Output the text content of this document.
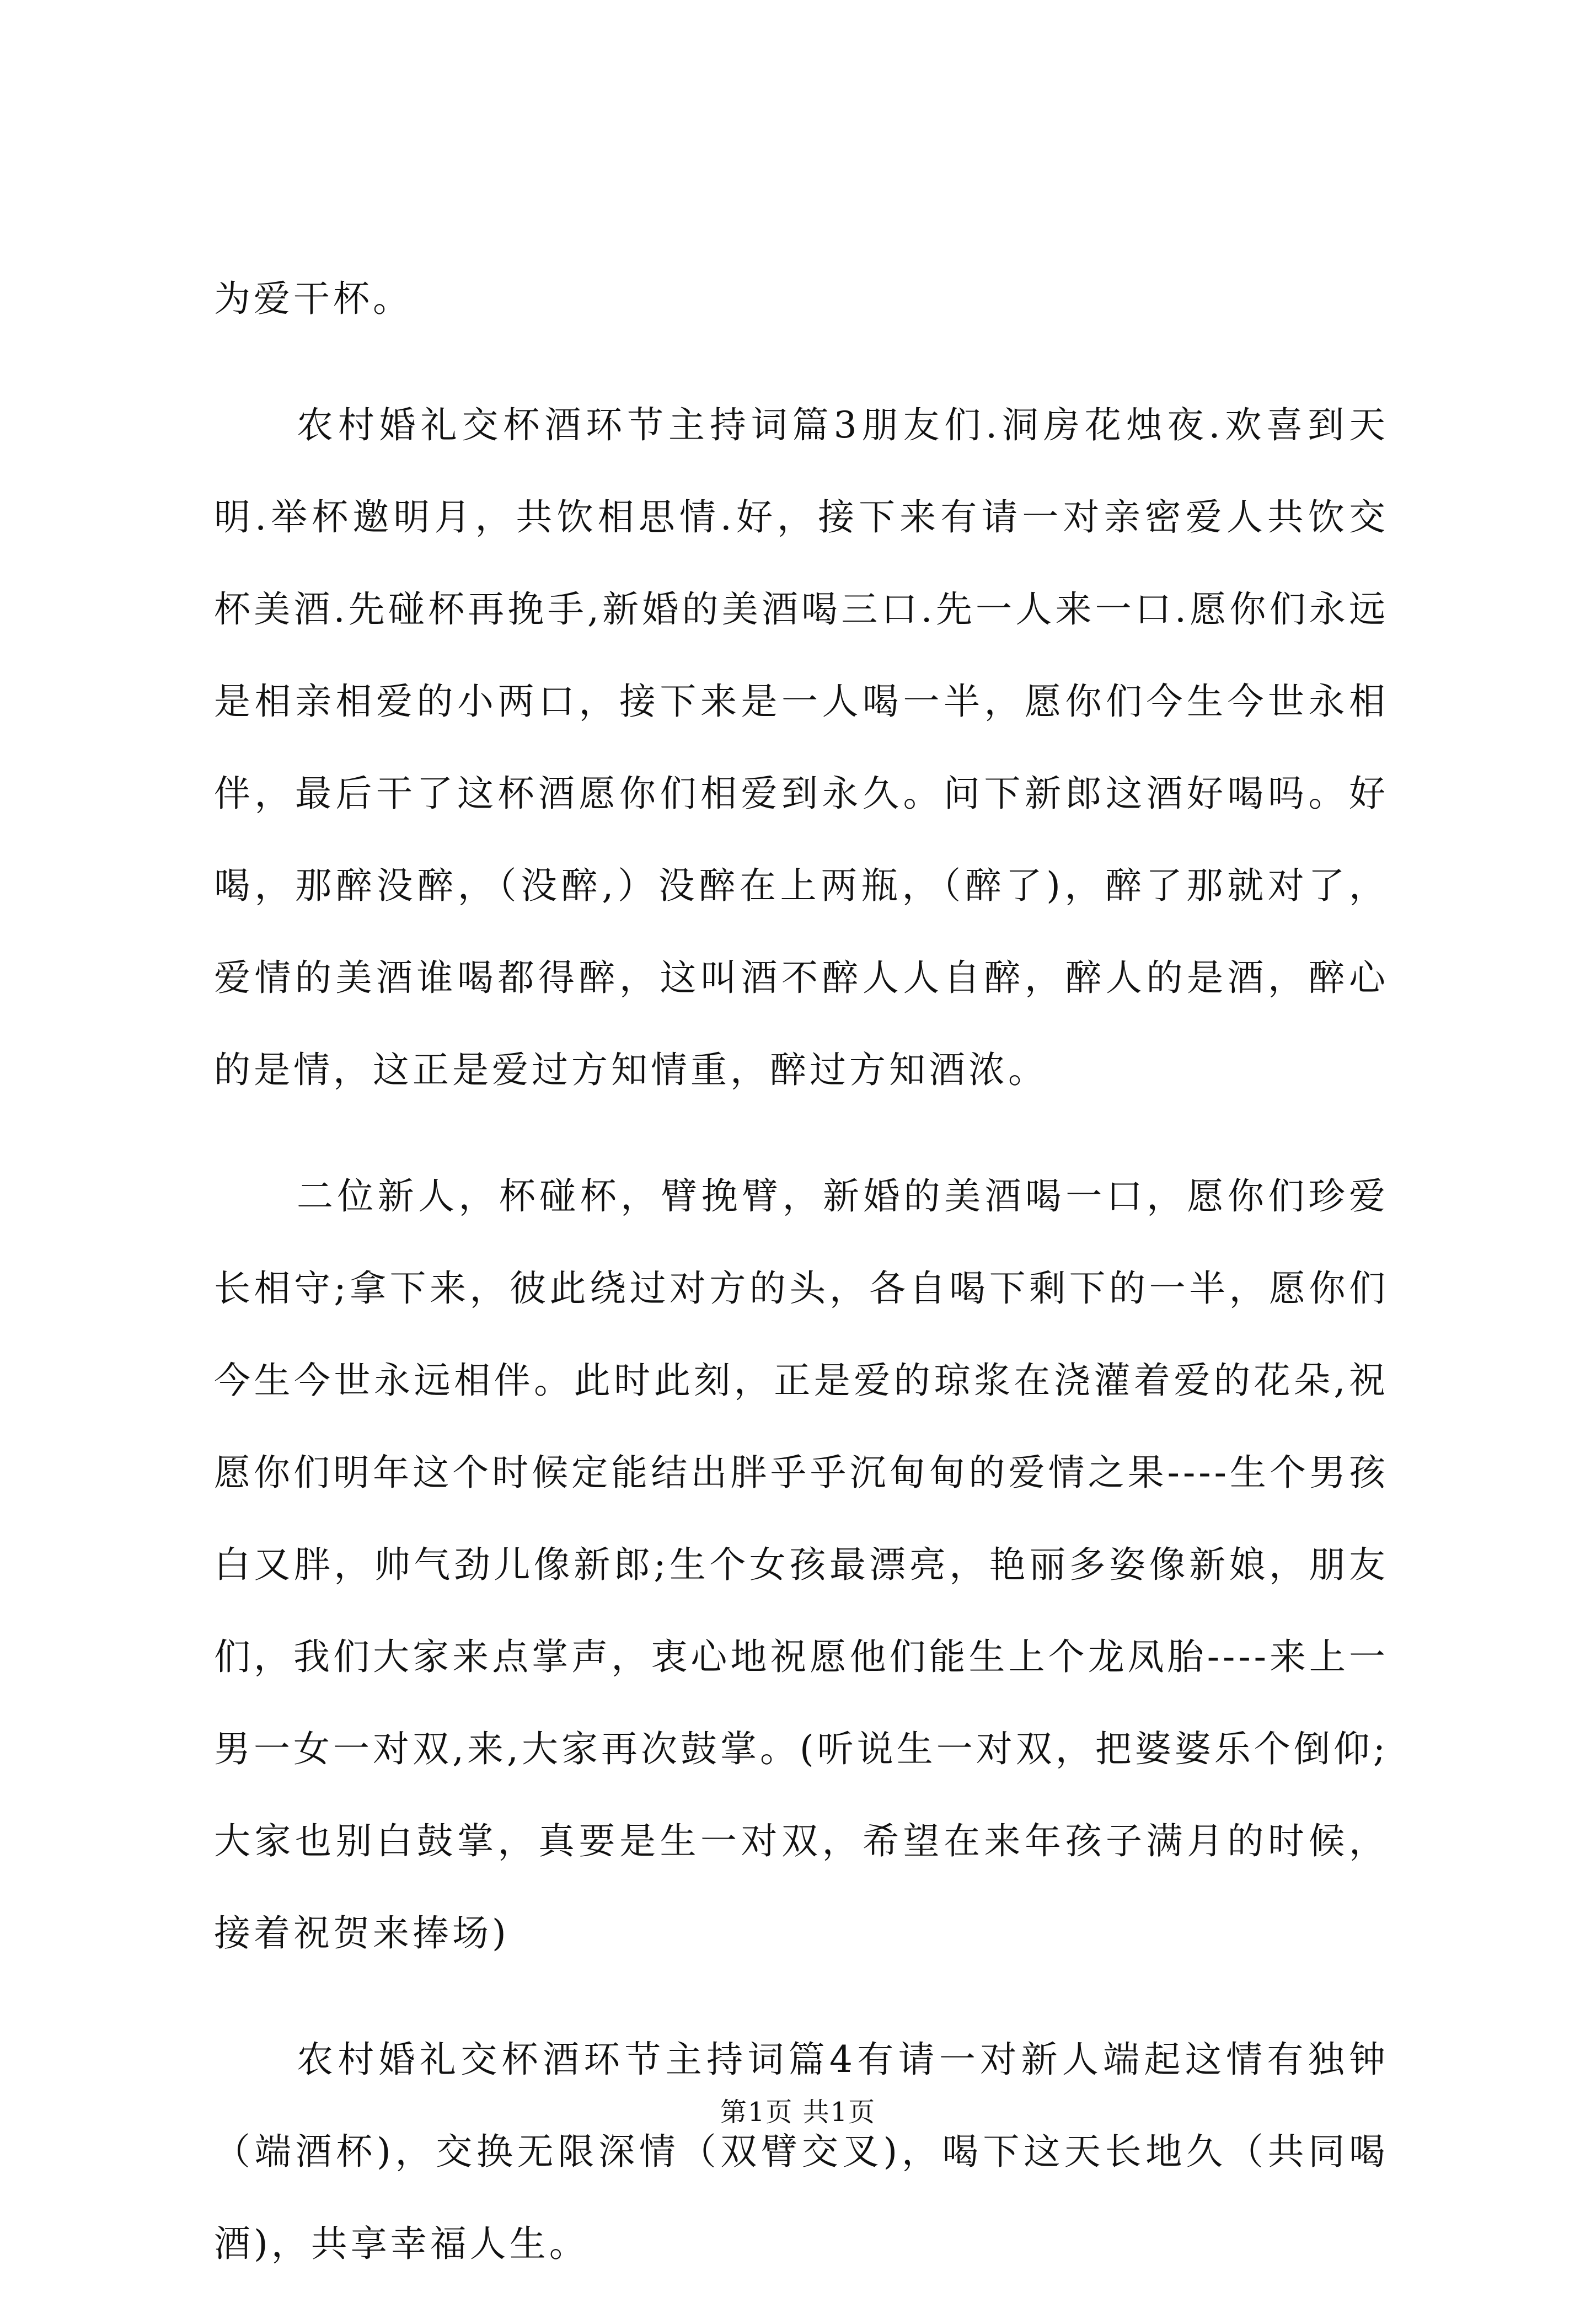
为爱干杯。

农村婚礼交杯酒环节主持词篇3朋友们.洞房花烛夜.欢喜到天明.举杯邀明月，共饮相思情.好，接下来有请一对亲密爱人共饮交杯美酒.先碰杯再挽手,新婚的美酒喝三口.先一人来一口.愿你们永远是相亲相爱的小两口，接下来是一人喝一半，愿你们今生今世永相伴，最后干了这杯酒愿你们相爱到永久。问下新郎这酒好喝吗。好喝，那醉没醉，（没醉,）没醉在上两瓶，（醉了)，醉了那就对了，爱情的美酒谁喝都得醉，这叫酒不醉人人自醉，醉人的是酒，醉心的是情，这正是爱过方知情重，醉过方知酒浓。

二位新人，杯碰杯，臂挽臂，新婚的美酒喝一口，愿你们珍爱长相守;拿下来，彼此绕过对方的头，各自喝下剩下的一半，愿你们今生今世永远相伴。此时此刻，正是爱的琼浆在浇灌着爱的花朵,祝愿你们明年这个时候定能结出胖乎乎沉甸甸的爱情之果----生个男孩白又胖，帅气劲儿像新郎;生个女孩最漂亮，艳丽多姿像新娘，朋友们，我们大家来点掌声，衷心地祝愿他们能生上个龙凤胎----来上一男一女一对双,来,大家再次鼓掌。(听说生一对双，把婆婆乐个倒仰;大家也别白鼓掌，真要是生一对双，希望在来年孩子满月的时候，接着祝贺来捧场)

农村婚礼交杯酒环节主持词篇4有请一对新人端起这情有独钟（端酒杯)，交换无限深情（双臂交叉)，喝下这天长地久（共同喝酒)，共享幸福人生。

第1页 共1页
